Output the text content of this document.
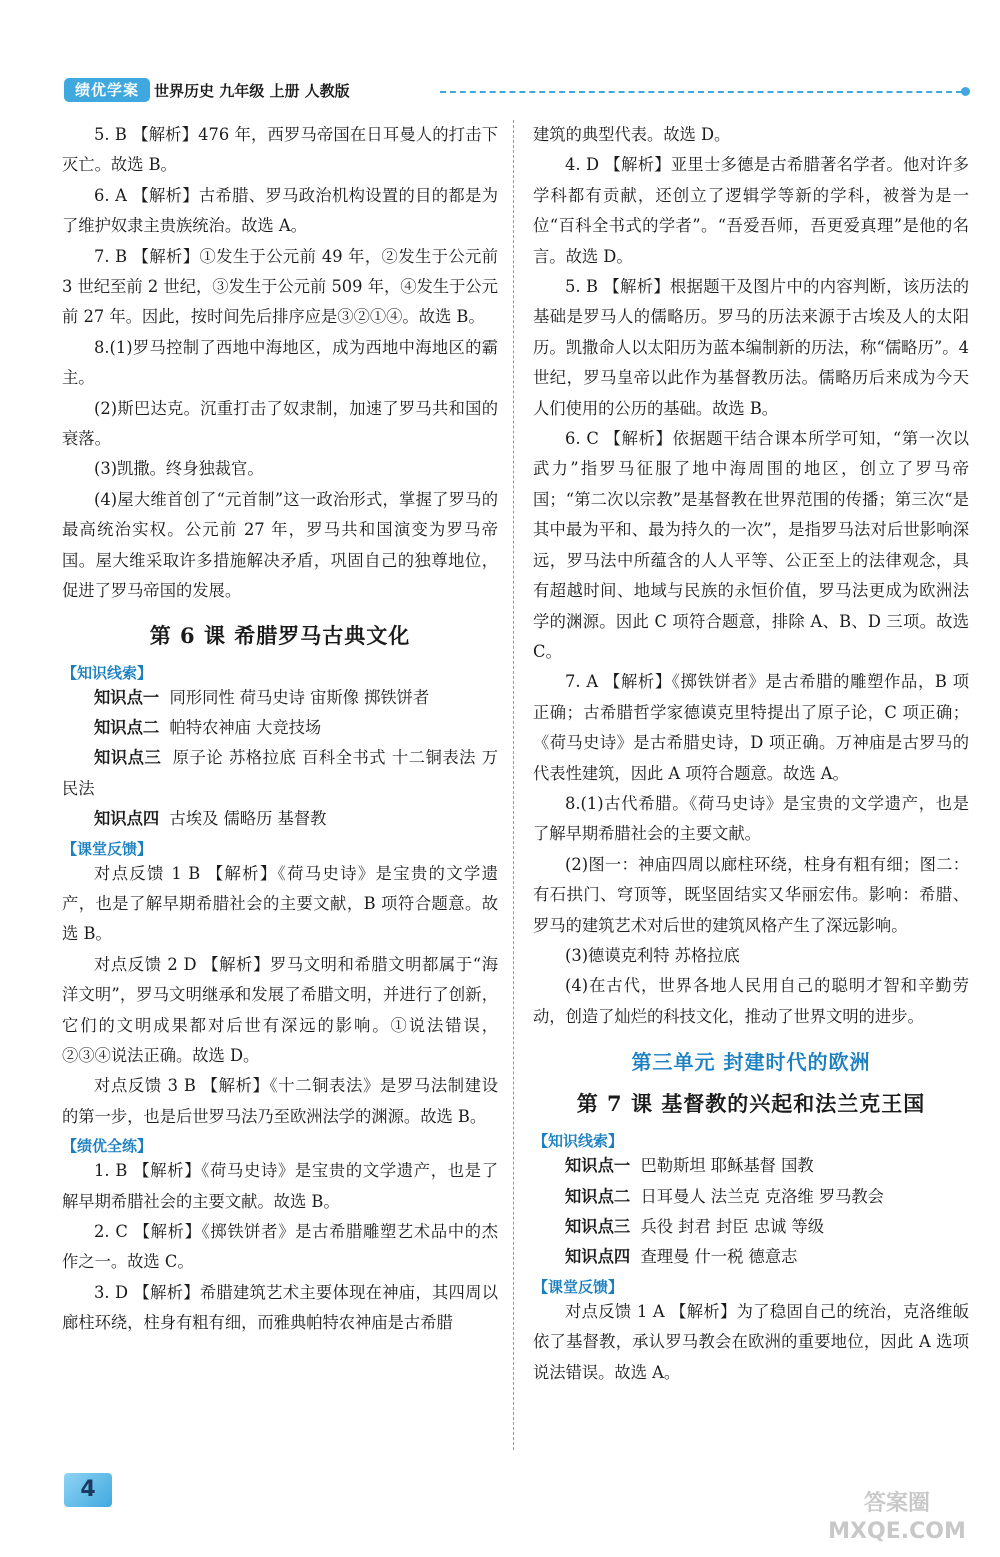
绩优学案	世界历史 九年级 上册 人教版

5. B 【解析】476 年，西罗马帝国在日耳曼人的打击下灭亡。故选 B。

6. A 【解析】古希腊、罗马政治机构设置的目的都是为了维护奴隶主贵族统治。故选 A。

7. B 【解析】①发生于公元前 49 年，②发生于公元前 3 世纪至前 2 世纪，③发生于公元前 509 年，④发生于公元前 27 年。因此，按时间先后排序应是③②①④。故选 B。

8.(1)罗马控制了西地中海地区，成为西地中海地区的霸主。

(2)斯巴达克。沉重打击了奴隶制，加速了罗马共和国的衰落。

(3)凯撒。终身独裁官。

(4)屋大维首创了“元首制”这一政治形式，掌握了罗马的最高统治实权。公元前 27 年，罗马共和国演变为罗马帝国。屋大维采取许多措施解决矛盾，巩固自己的独尊地位，促进了罗马帝国的发展。

第 6 课 希腊罗马古典文化
【知识线索】

知识点一 同形同性 荷马史诗 宙斯像 掷铁饼者

知识点二 帕特农神庙 大竞技场

知识点三 原子论 苏格拉底 百科全书式 十二铜表法 万民法

知识点四 古埃及 儒略历 基督教

【课堂反馈】

对点反馈 1 B 【解析】《荷马史诗》是宝贵的文学遗产，也是了解早期希腊社会的主要文献，B 项符合题意。故选 B。

对点反馈 2 D 【解析】罗马文明和希腊文明都属于“海洋文明”，罗马文明继承和发展了希腊文明，并进行了创新，它们的文明成果都对后世有深远的影响。①说法错误，②③④说法正确。故选 D。

对点反馈 3 B 【解析】《十二铜表法》是罗马法制建设的第一步，也是后世罗马法乃至欧洲法学的渊源。故选 B。

【绩优全练】

1. B 【解析】《荷马史诗》是宝贵的文学遗产，也是了解早期希腊社会的主要文献。故选 B。

2. C 【解析】《掷铁饼者》是古希腊雕塑艺术品中的杰作之一。故选 C。

3. D 【解析】希腊建筑艺术主要体现在神庙，其四周以廊柱环绕，柱身有粗有细，而雅典帕特农神庙是古希腊

建筑的典型代表。故选 D。

4. D 【解析】亚里士多德是古希腊著名学者。他对许多学科都有贡献，还创立了逻辑学等新的学科，被誉为是一位“百科全书式的学者”。“吾爱吾师，吾更爱真理”是他的名言。故选 D。

5. B 【解析】根据题干及图片中的内容判断，该历法的基础是罗马人的儒略历。罗马的历法来源于古埃及人的太阳历。凯撒命人以太阳历为蓝本编制新的历法，称“儒略历”。4 世纪，罗马皇帝以此作为基督教历法。儒略历后来成为今天人们使用的公历的基础。故选 B。

6. C 【解析】依据题干结合课本所学可知，“第一次以武力”指罗马征服了地中海周围的地区，创立了罗马帝国；“第二次以宗教”是基督教在世界范围的传播；第三次“是其中最为平和、最为持久的一次”，是指罗马法对后世影响深远，罗马法中所蕴含的人人平等、公正至上的法律观念，具有超越时间、地域与民族的永恒价值，罗马法更成为欧洲法学的渊源。因此 C 项符合题意，排除 A、B、D 三项。故选 C。

7. A 【解析】《掷铁饼者》是古希腊的雕塑作品，B 项正确；古希腊哲学家德谟克里特提出了原子论，C 项正确；《荷马史诗》是古希腊史诗，D 项正确。万神庙是古罗马的代表性建筑，因此 A 项符合题意。故选 A。

8.(1)古代希腊。《荷马史诗》是宝贵的文学遗产，也是了解早期希腊社会的主要文献。

(2)图一：神庙四周以廊柱环绕，柱身有粗有细；图二：有石拱门、穹顶等，既坚固结实又华丽宏伟。影响：希腊、罗马的建筑艺术对后世的建筑风格产生了深远影响。

(3)德谟克利特 苏格拉底

(4)在古代，世界各地人民用自己的聪明才智和辛勤劳动，创造了灿烂的科技文化，推动了世界文明的进步。

第三单元 封建时代的欧洲
第 7 课 基督教的兴起和法兰克王国
【知识线索】

知识点一 巴勒斯坦 耶稣基督 国教

知识点二 日耳曼人 法兰克 克洛维 罗马教会

知识点三 兵役 封君 封臣 忠诚 等级

知识点四 查理曼 什一税 德意志

【课堂反馈】

对点反馈 1 A 【解析】为了稳固自己的统治，克洛维皈依了基督教，承认罗马教会在欧洲的重要地位，因此 A 选项说法错误。故选 A。

4
答案圈
MXQE.COM
